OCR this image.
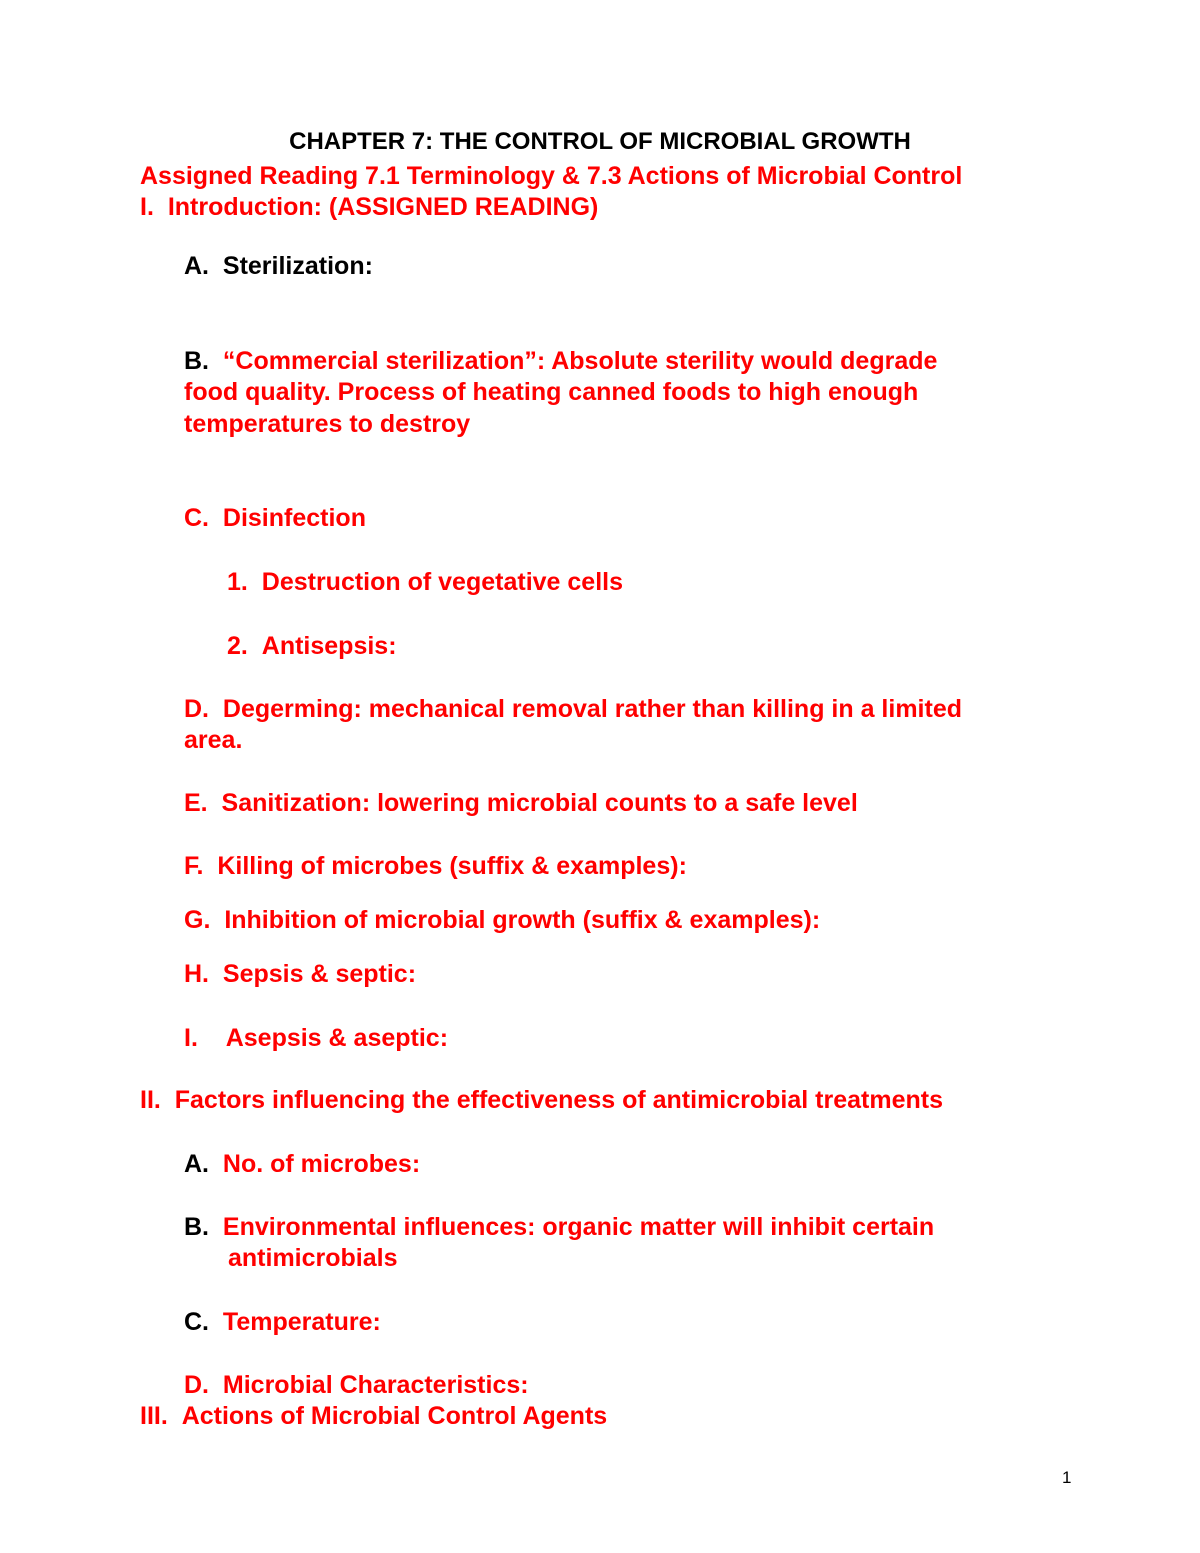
CHAPTER 7: THE CONTROL OF MICROBIAL GROWTH
Assigned Reading 7.1 Terminology & 7.3 Actions of Microbial Control
I. Introduction: (ASSIGNED READING)
A. Sterilization:
B. “Commercial sterilization”: Absolute sterility would degrade
food quality. Process of heating canned foods to high enough
temperatures to destroy
C. Disinfection
1. Destruction of vegetative cells
2. Antisepsis:
D. Degerming: mechanical removal rather than killing in a limited
area.
E. Sanitization: lowering microbial counts to a safe level
F. Killing of microbes (suffix & examples):
G. Inhibition of microbial growth (suffix & examples):
H. Sepsis & septic:
I. Asepsis & aseptic:
II. Factors influencing the effectiveness of antimicrobial treatments
A. No. of microbes:
B. Environmental influences: organic matter will inhibit certain
antimicrobials
C. Temperature:
D. Microbial Characteristics:
III. Actions of Microbial Control Agents
1
